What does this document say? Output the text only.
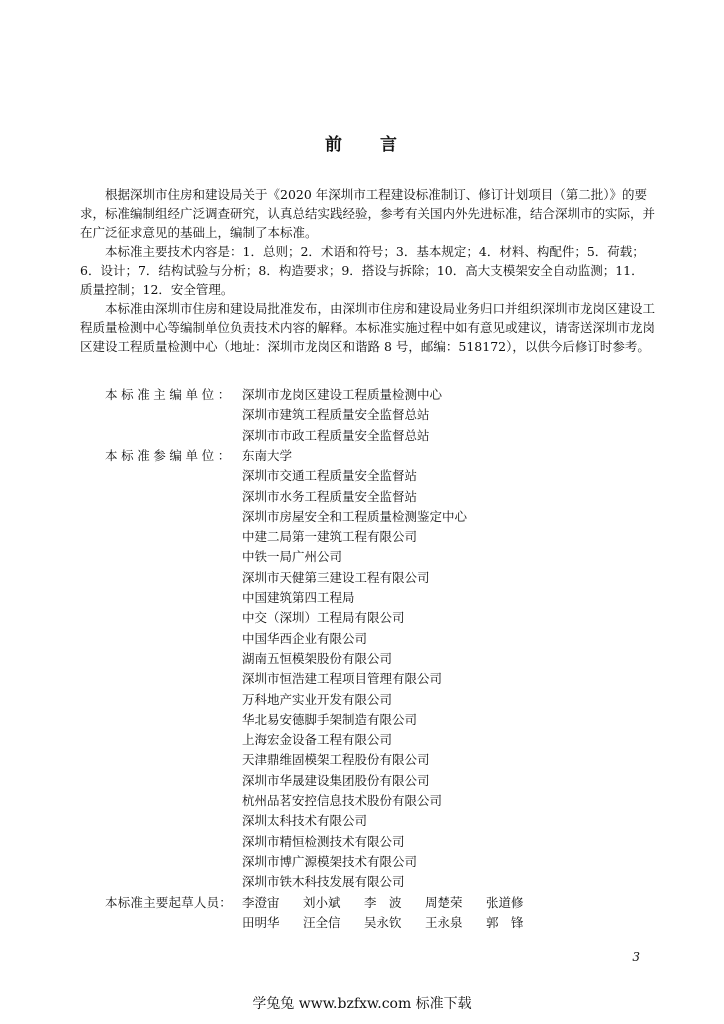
前 言

根据深圳市住房和建设局关于《2020 年深圳市工程建设标准制订、修订计划项目（第二批）》的要求，标准编制组经广泛调查研究，认真总结实践经验，参考有关国内外先进标准，结合深圳市的实际，并在广泛征求意见的基础上，编制了本标准。

本标准主要技术内容是：1．总则；2．术语和符号；3．基本规定；4．材料、构配件；5．荷载；6．设计；7．结构试验与分析；8．构造要求；9．搭设与拆除；10．高大支模架安全自动监测；11．质量控制；12．安全管理。

本标准由深圳市住房和建设局批准发布，由深圳市住房和建设局业务归口并组织深圳市龙岗区建设工程质量检测中心等编制单位负责技术内容的解释。本标准实施过程中如有意见或建议，请寄送深圳市龙岗区建设工程质量检测中心（地址：深圳市龙岗区和谐路 8 号，邮编：518172），以供今后修订时参考。

本标准主编单位： 深圳市龙岗区建设工程质量检测中心
深圳市建筑工程质量安全监督总站
深圳市市政工程质量安全监督总站
本标准参编单位： 东南大学
深圳市交通工程质量安全监督站
深圳市水务工程质量安全监督站
深圳市房屋安全和工程质量检测鉴定中心
中建二局第一建筑工程有限公司
中铁一局广州公司
深圳市天健第三建设工程有限公司
中国建筑第四工程局
中交（深圳）工程局有限公司
中国华西企业有限公司
湖南五恒模架股份有限公司
深圳市恒浩建工程项目管理有限公司
万科地产实业开发有限公司
华北易安德脚手架制造有限公司
上海宏金设备工程有限公司
天津鼎维固模架工程股份有限公司
深圳市华晟建设集团股份有限公司
杭州品茗安控信息技术股份有限公司
深圳太科技术有限公司
深圳市精恒检测技术有限公司
深圳市博广源模架技术有限公司
深圳市铁木科技发展有限公司
本标准主要起草人员： 李澄宙	刘小斌	李　波	周楚荣	张道修
田明华	汪全信	吴永钦	王永泉	郭　锋
3
学兔兔 www.bzfxw.com 标准下载
